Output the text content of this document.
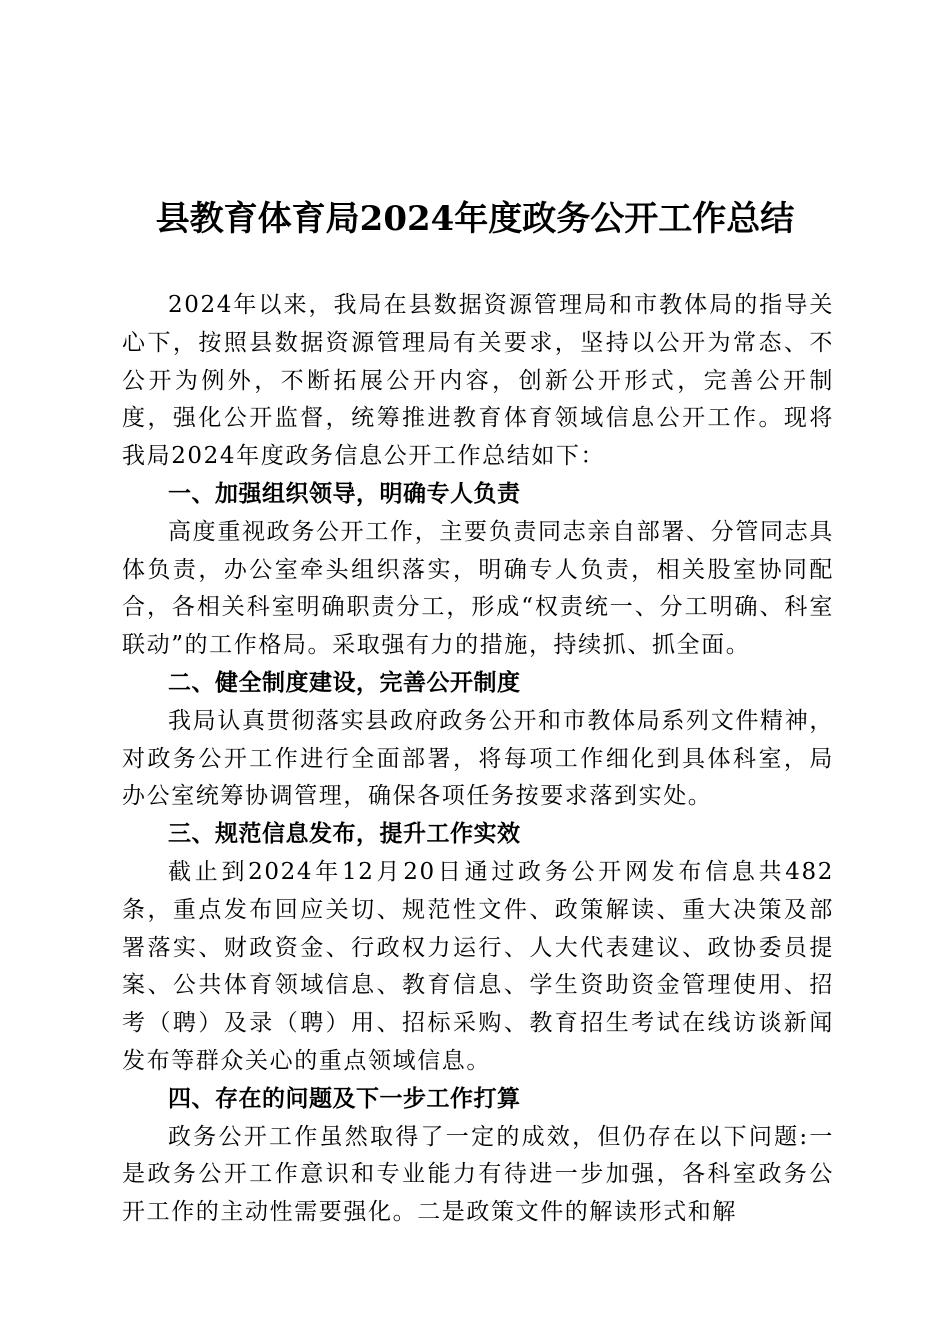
县教育体育局2024年度政务公开工作总结

2024年以来，我局在县数据资源管理局和市教体局的指导关心下，按照县数据资源管理局有关要求，坚持以公开为常态、不公开为例外，不断拓展公开内容，创新公开形式，完善公开制度，强化公开监督，统筹推进教育体育领域信息公开工作。现将我局2024年度政务信息公开工作总结如下：

一、加强组织领导，明确专人负责

高度重视政务公开工作，主要负责同志亲自部署、分管同志具体负责，办公室牵头组织落实，明确专人负责，相关股室协同配合，各相关科室明确职责分工，形成“权责统一、分工明确、科室联动”的工作格局。采取强有力的措施，持续抓、抓全面。

二、健全制度建设，完善公开制度

我局认真贯彻落实县政府政务公开和市教体局系列文件精神，对政务公开工作进行全面部署，将每项工作细化到具体科室，局办公室统筹协调管理，确保各项任务按要求落到实处。

三、规范信息发布，提升工作实效

截止到2024年12月20日通过政务公开网发布信息共482条，重点发布回应关切、规范性文件、政策解读、重大决策及部署落实、财政资金、行政权力运行、人大代表建议、政协委员提案、公共体育领域信息、教育信息、学生资助资金管理使用、招考（聘）及录（聘）用、招标采购、教育招生考试在线访谈新闻发布等群众关心的重点领域信息。

四、存在的问题及下一步工作打算

政务公开工作虽然取得了一定的成效，但仍存在以下问题:一是政务公开工作意识和专业能力有待进一步加强，各科室政务公开工作的主动性需要强化。二是政策文件的解读形式和解
